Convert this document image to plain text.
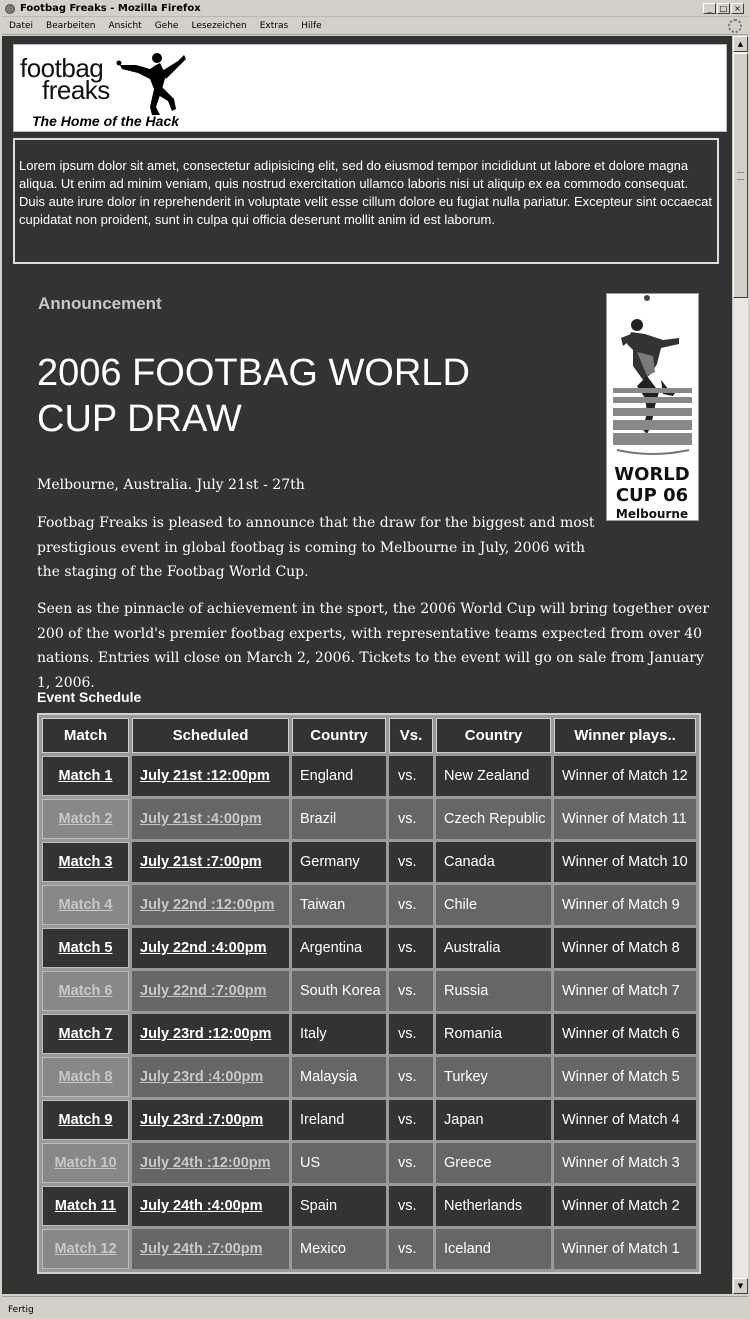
Footbag Freaks - Mozilla Firefox	_	□ ×
Datei	Bearbeiten	Ansicht	Gehe	Lesezeichen	Extras	Hilfe
footbag
freaks
The Home of the Hack

Lorem ipsum dolor sit amet, consectetur adipisicing elit, sed do eiusmod tempor incididunt ut labore et dolore magna aliqua. Ut enim ad minim veniam, quis nostrud exercitation ullamco laboris nisi ut aliquip ex ea commodo consequat. Duis aute irure dolor in reprehenderit in voluptate velit esse cillum dolore eu fugiat nulla pariatur. Excepteur sint occaecat cupidatat non proident, sunt in culpa qui officia deserunt mollit anim id est laborum.

Announcement
2006 FOOTBAG WORLD CUP DRAW
WORLD
CUP 06
Melbourne

Melbourne, Australia. July 21st - 27th

Footbag Freaks is pleased to announce that the draw for the biggest and most prestigious event in global footbag is coming to Melbourne in July, 2006 with the staging of the Footbag World Cup.

Seen as the pinnacle of achievement in the sport, the 2006 World Cup will bring together over 200 of the world's premier footbag experts, with representative teams expected from over 40 nations. Entries will close on March 2, 2006. Tickets to the event will go on sale from January 1, 2006.

Event Schedule
Match	Scheduled	Country	Vs.	Country	Winner plays..
Match 1	July 21st :12:00pm	England	vs.	New Zealand	Winner of Match 12
Match 2	July 21st :4:00pm	Brazil	vs.	Czech Republic	Winner of Match 11
Match 3	July 21st :7:00pm	Germany	vs.	Canada	Winner of Match 10
Match 4	July 22nd :12:00pm	Taiwan	vs.	Chile	Winner of Match 9
Match 5	July 22nd :4:00pm	Argentina	vs.	Australia	Winner of Match 8
Match 6	July 22nd :7:00pm	South Korea	vs.	Russia	Winner of Match 7
Match 7	July 23rd :12:00pm	Italy	vs.	Romania	Winner of Match 6
Match 8	July 23rd :4:00pm	Malaysia	vs.	Turkey	Winner of Match 5
Match 9	July 23rd :7:00pm	Ireland	vs.	Japan	Winner of Match 4
Match 10	July 24th :12:00pm	US	vs.	Greece	Winner of Match 3
Match 11	July 24th :4:00pm	Spain	vs.	Netherlands	Winner of Match 2
Match 12	July 24th :7:00pm	Mexico	vs.	Iceland	Winner of Match 1
▲
▼
Fertig
